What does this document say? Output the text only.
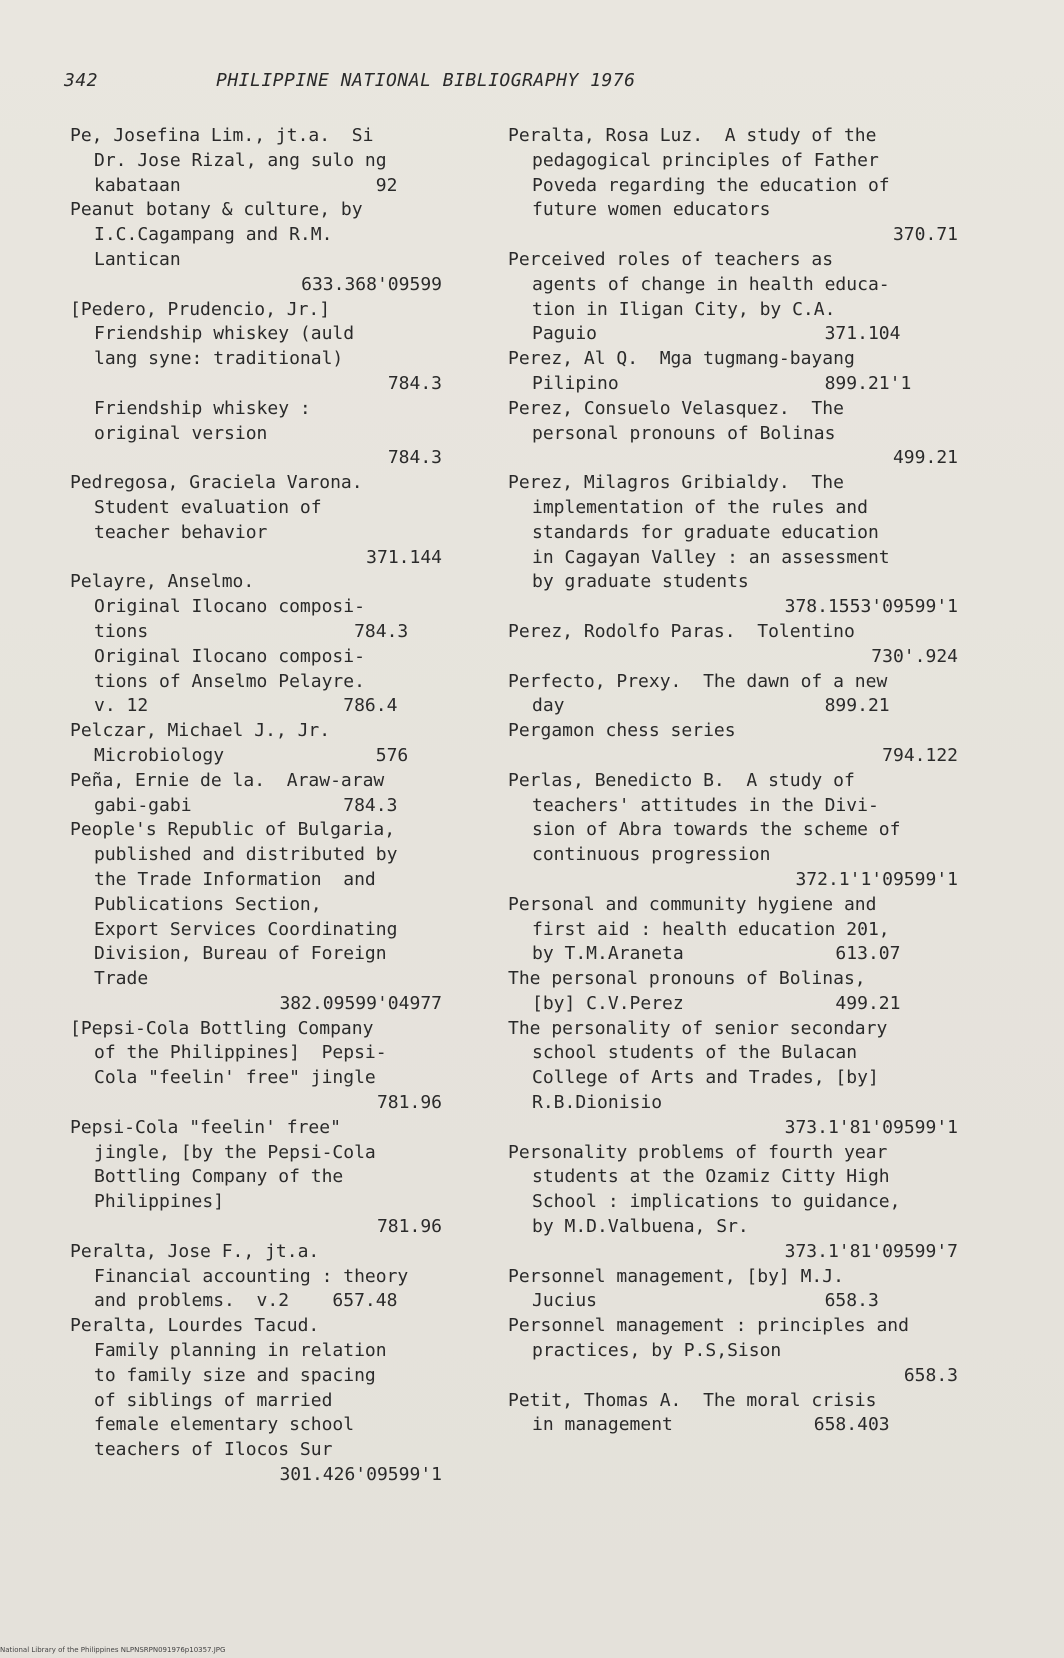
342	PHILIPPINE NATIONAL BIBLIOGRAPHY 1976

Pe, Josefina Lim., jt.a.  Si

Dr. Jose Rizal, ang sulo ng

kabataan                  92

Peanut botany & culture, by

I.C.Cagampang and R.M.

Lantican

633.368'09599

[Pedero, Prudencio, Jr.]

Friendship whiskey (auld

lang syne: traditional)

784.3

Friendship whiskey :

original version

784.3

Pedregosa, Graciela Varona.

Student evaluation of

teacher behavior

371.144

Pelayre, Anselmo.

Original Ilocano composi-

tions                   784.3

Original Ilocano composi-

tions of Anselmo Pelayre.

v. 12                  786.4

Pelczar, Michael J., Jr.

Microbiology              576

Peña, Ernie de la.  Araw-araw

gabi-gabi              784.3

People's Republic of Bulgaria,

published and distributed by

the Trade Information  and

Publications Section,

Export Services Coordinating

Division, Bureau of Foreign

Trade

382.09599'04977

[Pepsi-Cola Bottling Company

of the Philippines]  Pepsi-

Cola "feelin' free" jingle

781.96

Pepsi-Cola "feelin' free"

jingle, [by the Pepsi-Cola

Bottling Company of the

Philippines]

781.96

Peralta, Jose F., jt.a.

Financial accounting : theory

and problems.  v.2    657.48

Peralta, Lourdes Tacud.

Family planning in relation

to family size and spacing

of siblings of married

female elementary school

teachers of Ilocos Sur

301.426'09599'1

Peralta, Rosa Luz.  A study of the

pedagogical principles of Father

Poveda regarding the education of

future women educators

370.71

Perceived roles of teachers as

agents of change in health educa-

tion in Iligan City, by C.A.

Paguio                     371.104

Perez, Al Q.  Mga tugmang-bayang

Pilipino                   899.21'1

Perez, Consuelo Velasquez.  The

personal pronouns of Bolinas

499.21

Perez, Milagros Gribialdy.  The

implementation of the rules and

standards for graduate education

in Cagayan Valley : an assessment

by graduate students

378.1553'09599'1

Perez, Rodolfo Paras.  Tolentino

730'.924

Perfecto, Prexy.  The dawn of a new

day                        899.21

Pergamon chess series

794.122

Perlas, Benedicto B.  A study of

teachers' attitudes in the Divi-

sion of Abra towards the scheme of

continuous progression

372.1'1'09599'1

Personal and community hygiene and

first aid : health education 201,

by T.M.Araneta              613.07

The personal pronouns of Bolinas,

[by] C.V.Perez              499.21

The personality of senior secondary

school students of the Bulacan

College of Arts and Trades, [by]

R.B.Dionisio

373.1'81'09599'1

Personality problems of fourth year

students at the Ozamiz Citty High

School : implications to guidance,

by M.D.Valbuena, Sr.

373.1'81'09599'7

Personnel management, [by] M.J.

Jucius                     658.3

Personnel management : principles and

practices, by P.S,Sison

658.3

Petit, Thomas A.  The moral crisis

in management             658.403

National Library of the Philippines NLPNSRPN091976p10357.JPG
